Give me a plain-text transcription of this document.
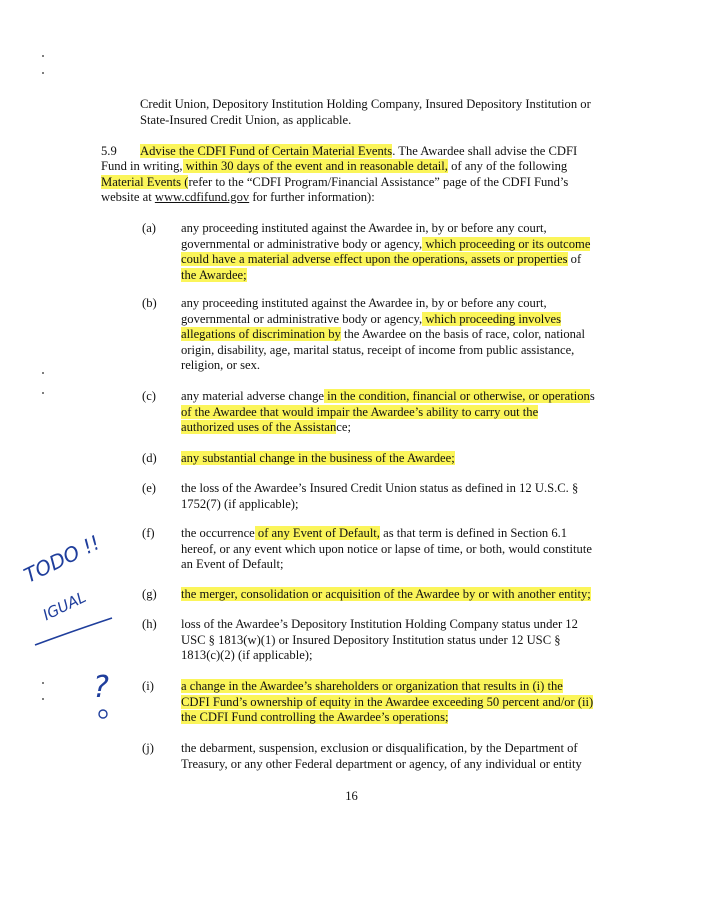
Credit Union, Depository Institution Holding Company, Insured Depository Institution or
State-Insured Credit Union, as applicable.
5.9 Advise the CDFI Fund of Certain Material Events. The Awardee shall advise the CDFI
Fund in writing, within 30 days of the event and in reasonable detail, of any of the following
Material Events (refer to the “CDFI Program/Financial Assistance” page of the CDFI Fund’s
website at www.cdfifund.gov for further information):
(a) any proceeding instituted against the Awardee in, by or before any court,
governmental or administrative body or agency, which proceeding or its outcome
could have a material adverse effect upon the operations, assets or properties of
the Awardee;
(b) any proceeding instituted against the Awardee in, by or before any court,
governmental or administrative body or agency, which proceeding involves
allegations of discrimination by the Awardee on the basis of race, color, national
origin, disability, age, marital status, receipt of income from public assistance,
religion, or sex.
(c) any material adverse change in the condition, financial or otherwise, or operations
of the Awardee that would impair the Awardee’s ability to carry out the
authorized uses of the Assistance;
(d) any substantial change in the business of the Awardee;
(e) the loss of the Awardee’s Insured Credit Union status as defined in 12 U.S.C. §
1752(7) (if applicable);
(f) the occurrence of any Event of Default, as that term is defined in Section 6.1
hereof, or any event which upon notice or lapse of time, or both, would constitute
an Event of Default;
(g) the merger, consolidation or acquisition of the Awardee by or with another entity;
(h) loss of the Awardee’s Depository Institution Holding Company status under 12
USC § 1813(w)(1) or Insured Depository Institution status under 12 USC §
1813(c)(2) (if applicable);
(i) a change in the Awardee’s shareholders or organization that results in (i) the
CDFI Fund’s ownership of equity in the Awardee exceeding 50 percent and/or (ii)
the CDFI Fund controlling the Awardee’s operations;
(j) the debarment, suspension, exclusion or disqualification, by the Department of
Treasury, or any other Federal department or agency, of any individual or entity
TODO !!
IGUAL
?
16
